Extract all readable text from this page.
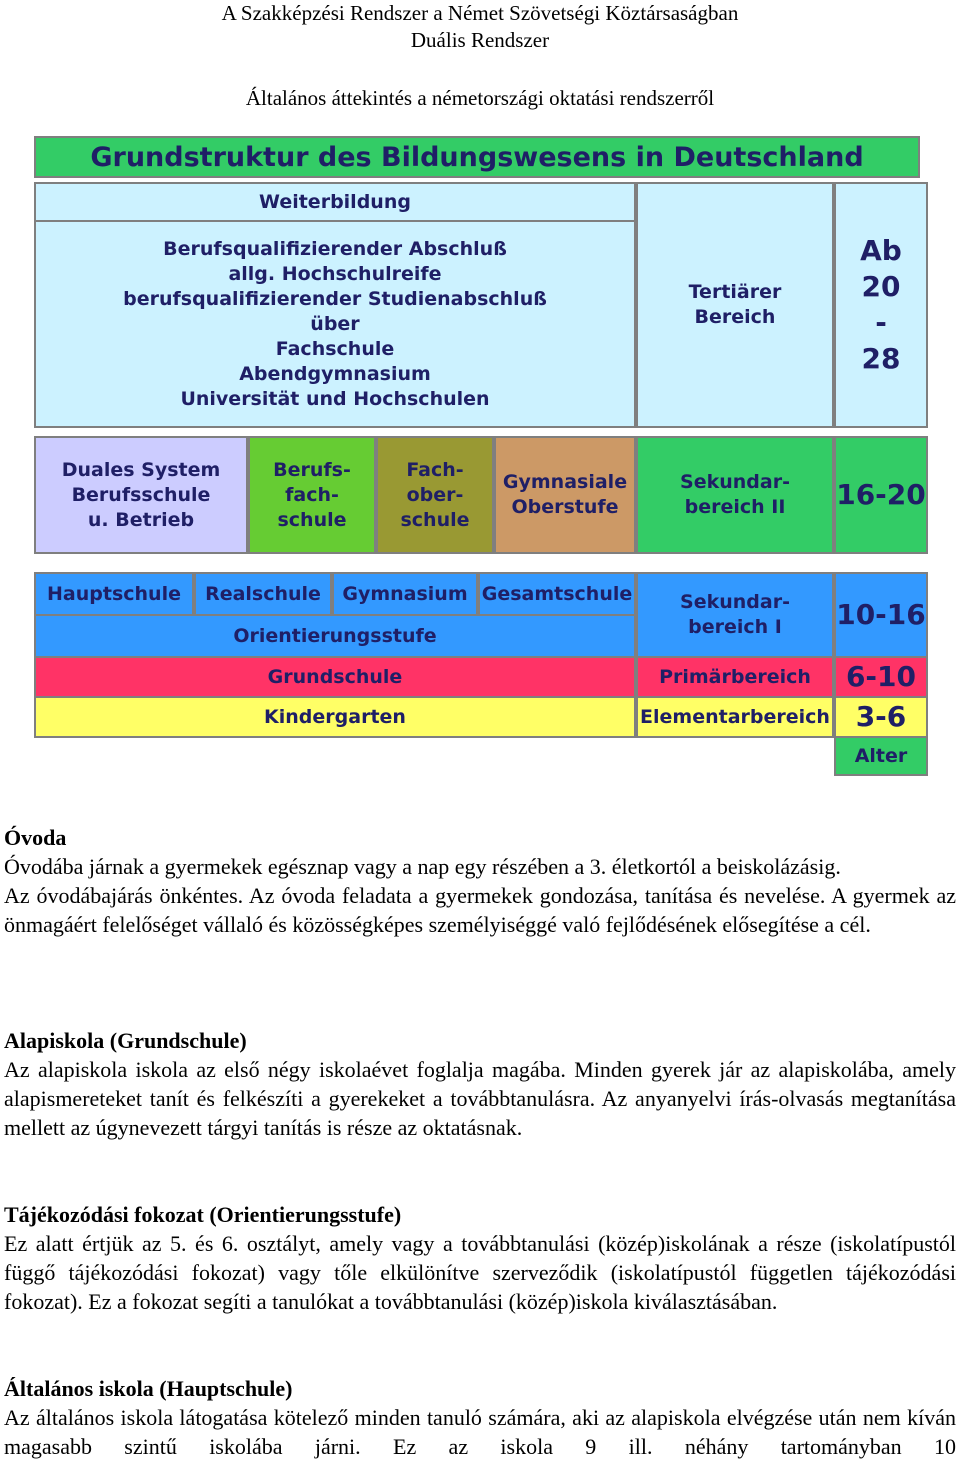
A Szakképzési Rendszer a Német Szövetségi Köztársaságban
Duális Rendszer
Általános áttekintés a németországi oktatási rendszerről
Grundstruktur des Bildungswesens in Deutschland
Weiterbildung
Berufsqualifizierender Abschluß
allg. Hochschulreife
berufsqualifizierender Studienabschluß
über
Fachschule
Abendgymnasium
Universität und Hochschulen
Tertiärer
Bereich
Ab
20
-
28
Duales System
Berufsschule
u. Betrieb
Berufs-
fach-
schule
Fach-
ober-
schule
Gymnasiale
Oberstufe
Sekundar-
bereich II 16-20
Hauptschule Realschule Gymnasium Gesamtschule
Orientierungsstufe
Sekundar-
bereich I 10-16
Grundschule	Primärbereich 6-10
Kindergarten	Elementarbereich 3-6
Alter
Óvoda
Óvodába járnak a gyermekek egésznap vagy a nap egy részében a 3. életkortól a beiskolázásig.
Az óvodábajárás önkéntes. Az óvoda feladata a gyermekek gondozása, tanítása és nevelése. A gyermek az önmagáért felelőséget vállaló és közösségképes személyiséggé való fejlődésének elősegítése a cél.
Alapiskola (Grundschule)
Az alapiskola iskola az első négy iskolaévet foglalja magába. Minden gyerek jár az alapiskolába, amely alapismereteket tanít és felkészíti a gyerekeket a továbbtanulásra. Az anyanyelvi írás-olvasás megtanítása mellett az úgynevezett tárgyi tanítás is része az oktatásnak.
Tájékozódási fokozat (Orientierungsstufe)
Ez alatt értjük az 5. és 6. osztályt, amely vagy a továbbtanulási (közép)iskolának a része (iskolatípustól függő tájékozódási fokozat) vagy tőle elkülönítve szerveződik (iskolatípustól független tájékozódási fokozat). Ez a fokozat segíti a tanulókat a továbbtanulási (közép)iskola kiválasztásában.
Általános iskola (Hauptschule)
Az általános iskola látogatása kötelező minden tanuló számára, aki az alapiskola elvégzése után nem kíván magasabb szintű iskolába járni. Ez az iskola 9 ill. néhány tartományban 10
